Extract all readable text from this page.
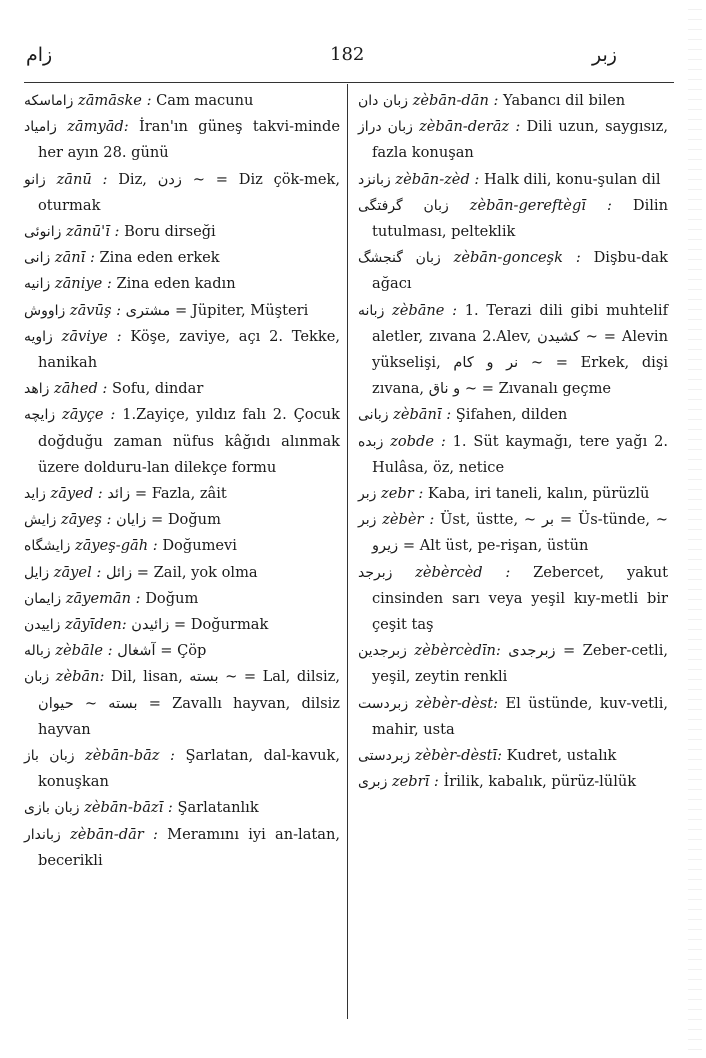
زام	182	زبر

زاماسكه zāmāske : Cam macunu

زامياد zāmyād: İran'ın güneş takvi-minde her ayın 28. günü

زانو zānū : Diz, زدن ~ = Diz çök-mek, oturmak

زانوئی zānū'ī : Boru dirseği

زانی zānī : Zina eden erkek

زانیه zāniye : Zina eden kadın

زاووش zāvūş : مشتری = Jüpiter, Müşteri

زاویه zāviye : Köşe, zaviye, açı 2. Tekke, hanikah

زاهد zāhed : Sofu, dindar

زایچه zāyçe : 1.Zayiçe, yıldız falı 2. Çocuk doğduğu zaman nüfus kâğıdı alınmak üzere dolduru-lan dilekçe formu

زاید zāyed : زائد = Fazla, zâit

زایش zāyeş : زایان = Doğum

زایشگاه zāyeş-gāh : Doğumevi

زایل zāyel : زائل = Zail, yok olma

زایمان zāyemān : Doğum

زاییدن zāyīden: زائیدن = Doğurmak

زباله zèbāle : آشغال = Çöp

زبان zèbān: Dil, lisan, بسته ~ = Lal, dilsiz, بسته ~ حیوان = Zavallı hayvan, dilsiz hayvan

زبان باز zèbān-bāz : Şarlatan, dal-kavuk, konuşkan

زبان بازی zèbān-bāzī : Şarlatanlık

زباندار zèbān-dār : Meramını iyi an-latan, becerikli

زبان دان zèbān-dān : Yabancı dil bilen

زبان دراز zèbān-derāz : Dili uzun, saygısız, fazla konuşan

زبانزد zèbān-zèd : Halk dili, konu-şulan dil

زبان گرفتگی zèbān-gereftègī : Dilin tutulması, pelteklik

زبان گنجشگ zèbān-gonceşk : Dişbu-dak ağacı

زبانه zèbāne : 1. Terazi dili gibi muhtelif aletler, zıvana 2.Alev, کشیدن ~ = Alevin yükselişi, نر و کام ~ = Erkek, dişi zıvana, و ناق ~ = Zıvanalı geçme

زبانی zèbānī : Şifahen, dilden

زبده zobde : 1. Süt kaymağı, tere yağı 2. Hulâsa, öz, netice

زبر zebr : Kaba, iri taneli, kalın, pürüzlü

زبر zèbèr : Üst, üstte, ~ بر = Üs-tünde, ~ زیرو = Alt üst, pe-rişan, üstün

زبرجد zèbèrcèd : Zebercet, yakut cinsinden sarı veya yeşil kıy-metli bir çeşit taş

زبرجدین zèbèrcèdīn: زبرجدی = Zeber-cetli, yeşil, zeytin renkli

زبردست zèbèr-dèst: El üstünde, kuv-vetli, mahir, usta

زبردستی zèbèr-dèstī: Kudret, ustalık

زبری zebrī : İrilik, kabalık, pürüz-lülük
